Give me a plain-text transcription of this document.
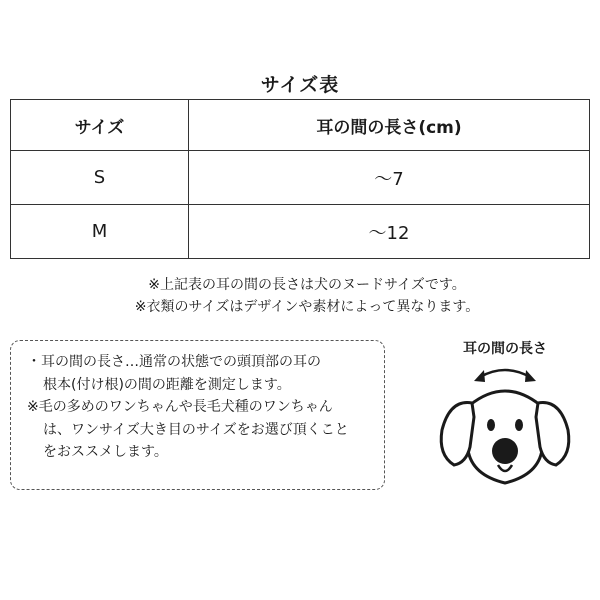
サイズ表
サイズ	耳の間の長さ(cm)
S	〜7
M	〜12
※上記表の耳の間の長さは犬のヌードサイズです。
※衣類のサイズはデザインや素材によって異なります。
・耳の間の長さ…通常の状態での頭頂部の耳の
根本(付け根)の間の距離を測定します。
※毛の多めのワンちゃんや長毛犬種のワンちゃん
は、ワンサイズ大き目のサイズをお選び頂くこと
をおススメします。
耳の間の長さ
